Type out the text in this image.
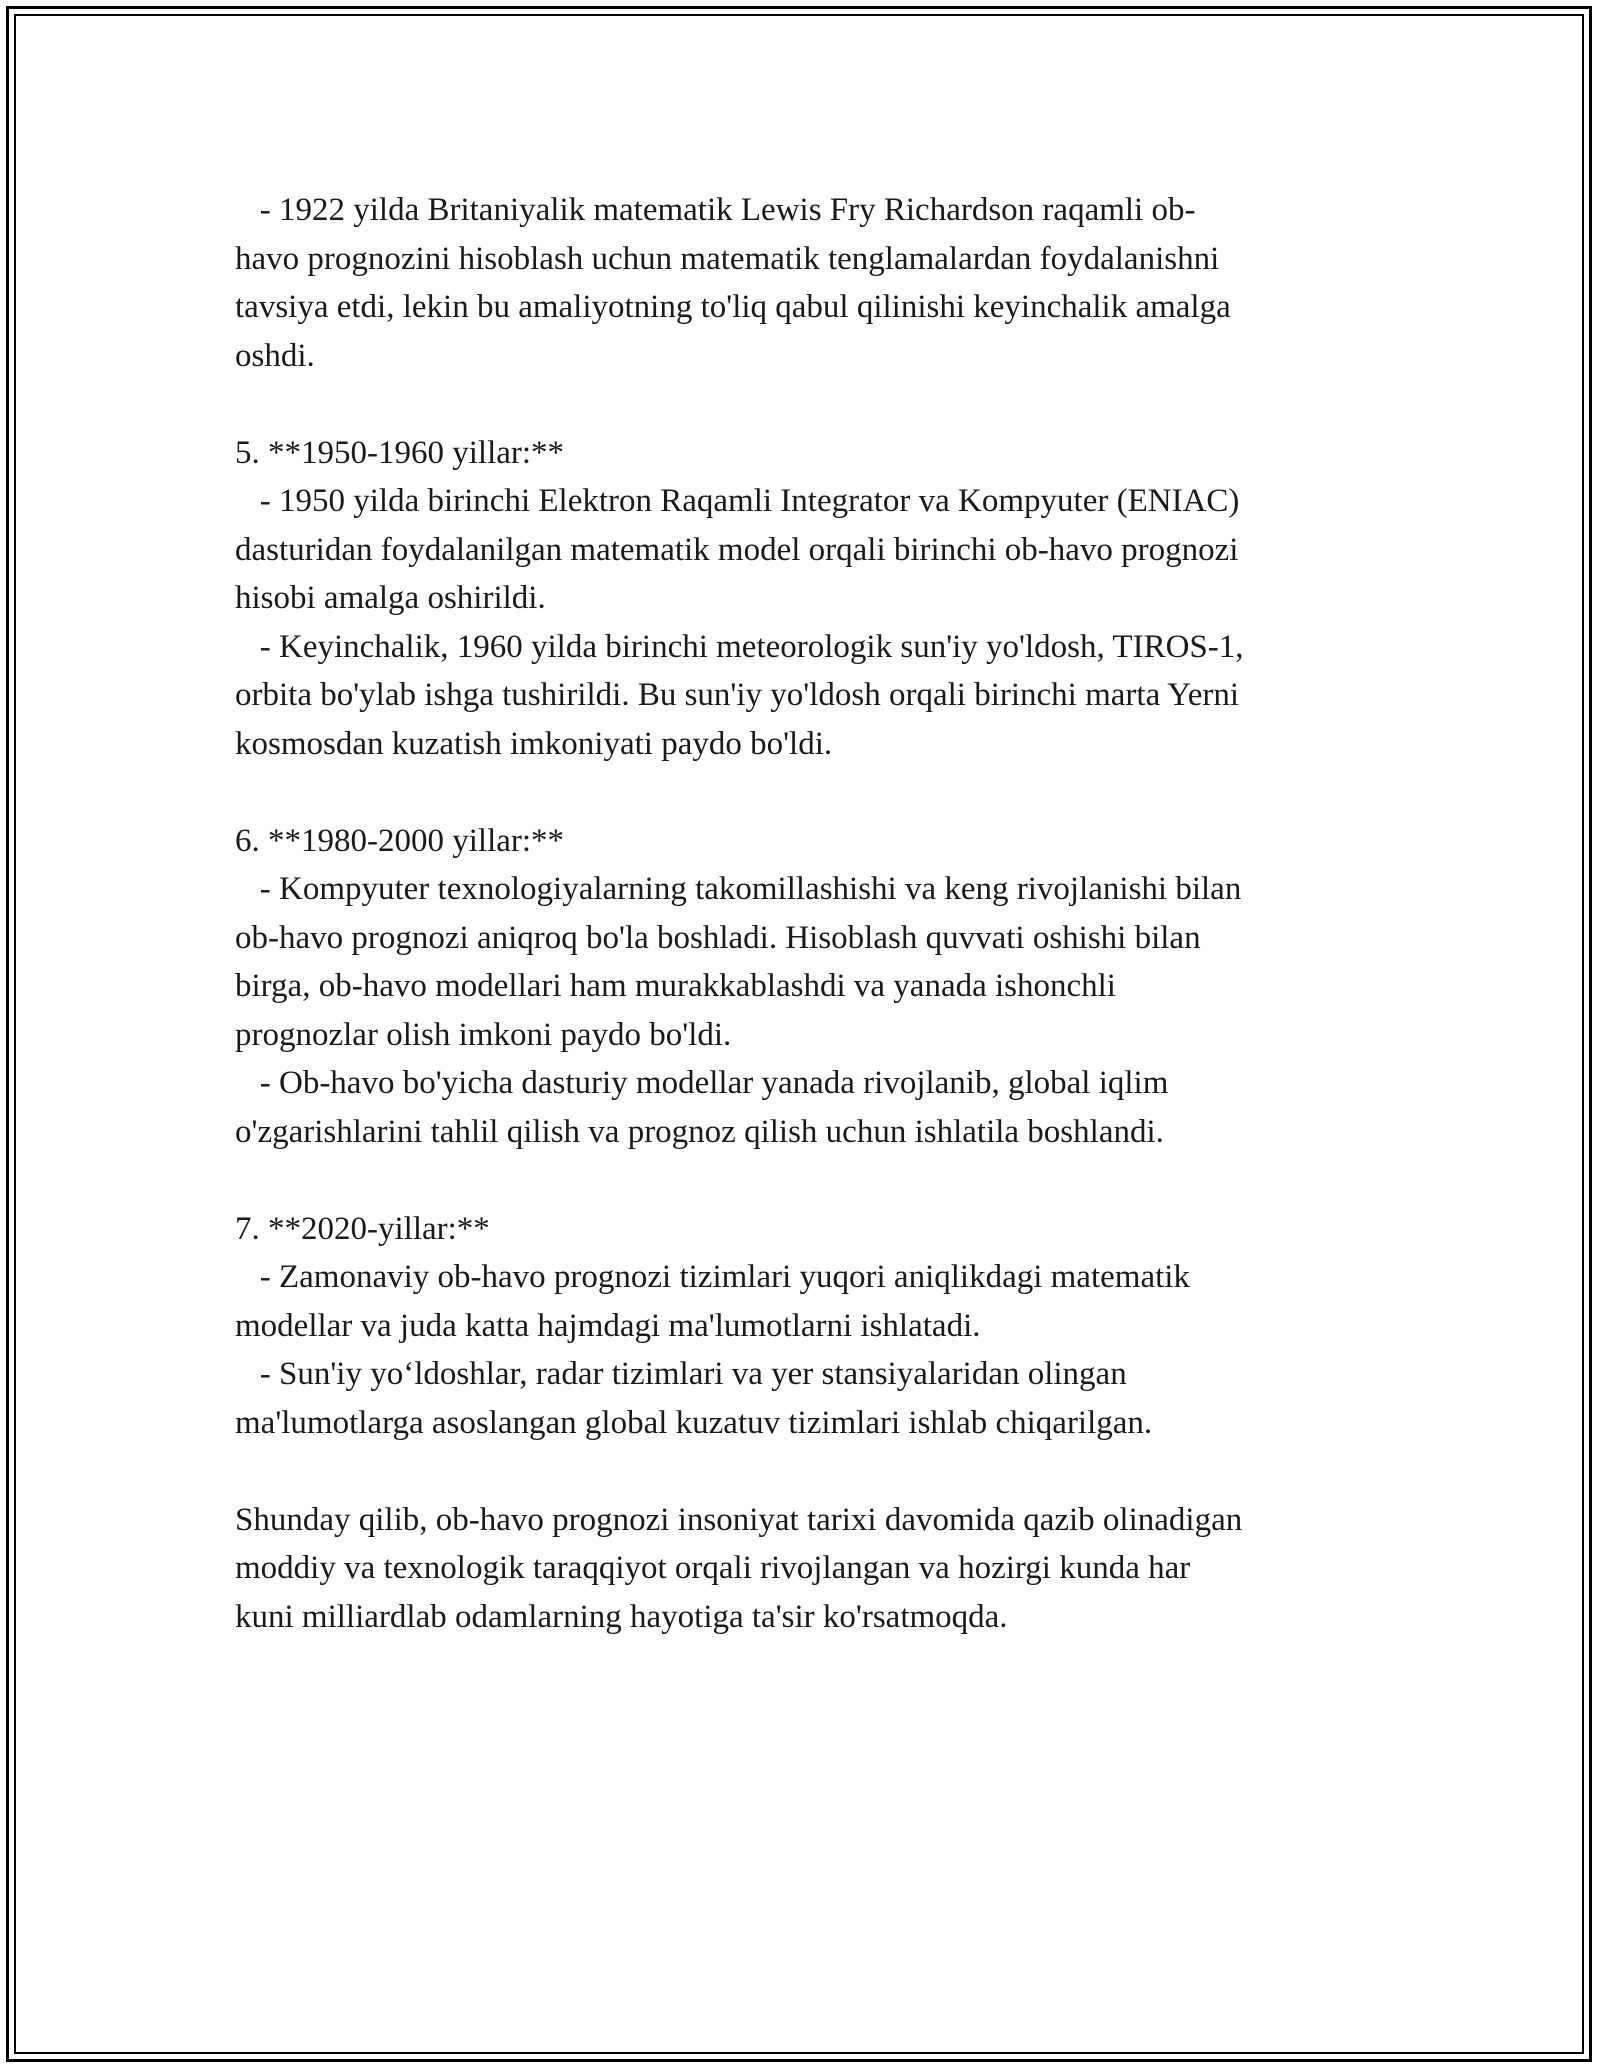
- 1922 yilda Britaniyalik matematik Lewis Fry Richardson raqamli ob-
havo prognozini hisoblash uchun matematik tenglamalardan foydalanishni
tavsiya etdi, lekin bu amaliyotning to'liq qabul qilinishi keyinchalik amalga
oshdi.
5. **1950-1960 yillar:**
- 1950 yilda birinchi Elektron Raqamli Integrator va Kompyuter (ENIAC)
dasturidan foydalanilgan matematik model orqali birinchi ob-havo prognozi
hisobi amalga oshirildi.
- Keyinchalik, 1960 yilda birinchi meteorologik sun'iy yo'ldosh, TIROS-1,
orbita bo'ylab ishga tushirildi. Bu sun'iy yo'ldosh orqali birinchi marta Yerni
kosmosdan kuzatish imkoniyati paydo bo'ldi.
6. **1980-2000 yillar:**
- Kompyuter texnologiyalarning takomillashishi va keng rivojlanishi bilan
ob-havo prognozi aniqroq bo'la boshladi. Hisoblash quvvati oshishi bilan
birga, ob-havo modellari ham murakkablashdi va yanada ishonchli
prognozlar olish imkoni paydo bo'ldi.
- Ob-havo bo'yicha dasturiy modellar yanada rivojlanib, global iqlim
o'zgarishlarini tahlil qilish va prognoz qilish uchun ishlatila boshlandi.
7. **2020-yillar:**
- Zamonaviy ob-havo prognozi tizimlari yuqori aniqlikdagi matematik
modellar va juda katta hajmdagi ma'lumotlarni ishlatadi.
- Sun'iy yo‘ldoshlar, radar tizimlari va yer stansiyalaridan olingan
ma'lumotlarga asoslangan global kuzatuv tizimlari ishlab chiqarilgan.
Shunday qilib, ob-havo prognozi insoniyat tarixi davomida qazib olinadigan
moddiy va texnologik taraqqiyot orqali rivojlangan va hozirgi kunda har
kuni milliardlab odamlarning hayotiga ta'sir ko'rsatmoqda.
